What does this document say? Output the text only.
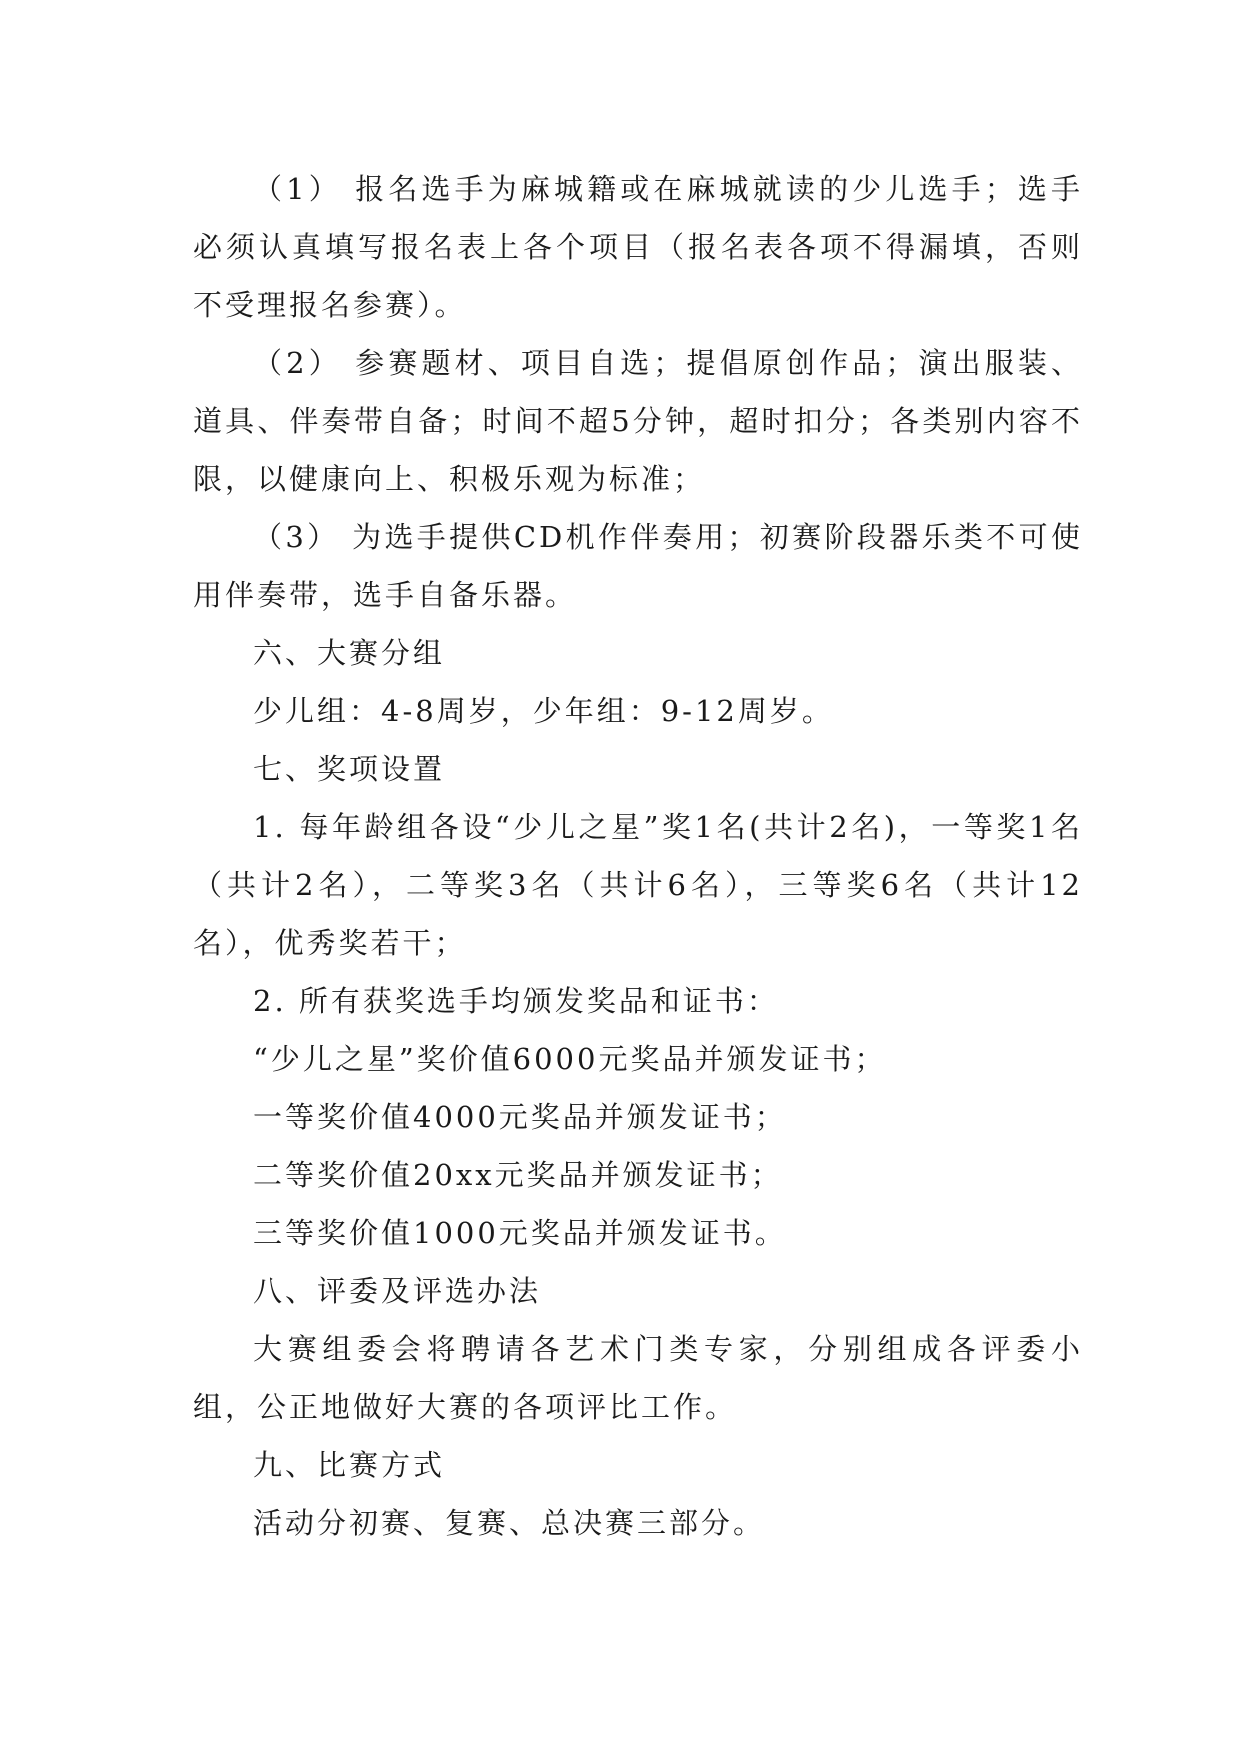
（1） 报名选手为麻城籍或在麻城就读的少儿选手；选手必须认真填写报名表上各个项目（报名表各项不得漏填，否则不受理报名参赛）。

（2） 参赛题材、项目自选；提倡原创作品；演出服装、道具、伴奏带自备；时间不超5分钟，超时扣分；各类别内容不限，以健康向上、积极乐观为标准；

（3） 为选手提供CD机作伴奏用；初赛阶段器乐类不可使用伴奏带，选手自备乐器。

六、大赛分组

少儿组：4-8周岁，少年组：9-12周岁。

七、奖项设置

1. 每年龄组各设“少儿之星”奖1名(共计2名)，一等奖1名（共计2名），二等奖3名（共计6名），三等奖6名（共计12名），优秀奖若干；

2. 所有获奖选手均颁发奖品和证书：

“少儿之星”奖价值6000元奖品并颁发证书；

一等奖价值4000元奖品并颁发证书；

二等奖价值20xx元奖品并颁发证书；

三等奖价值1000元奖品并颁发证书。

八、评委及评选办法

大赛组委会将聘请各艺术门类专家，分别组成各评委小组，公正地做好大赛的各项评比工作。

九、比赛方式

活动分初赛、复赛、总决赛三部分。
